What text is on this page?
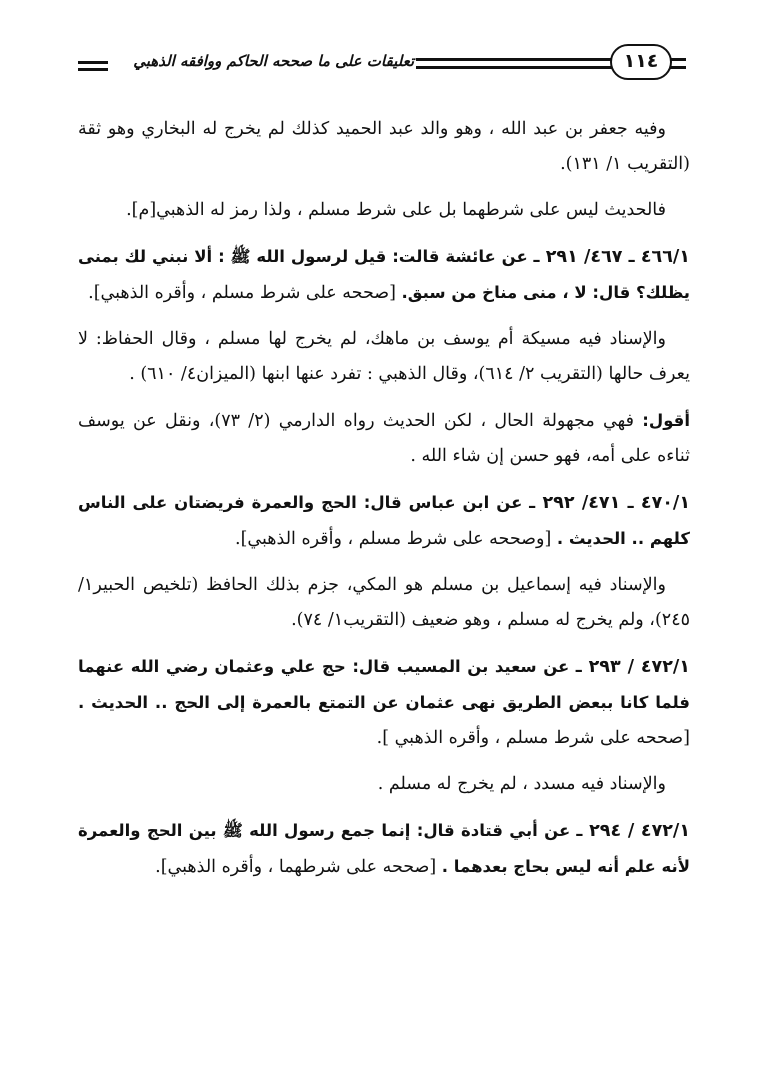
تعليقات على ما صححه الحاكم ووافقه الذهبي	١١٤

وفيه جعفر بن عبد الله ، وهو والد عبد الحميد كذلك لم يخرج له البخاري وهو ثقة (التقريب ١/ ١٣١).

فالحديث ليس على شرطهما بل على شرط مسلم ، ولذا رمز له الذهبي[م].

٤٦٦/١ ـ ٤٦٧/ ٢٩١ ـ عن عائشة قالت: قيل لرسول الله ﷺ : ألا نبني لك بمنى يظلك؟ قال: لا ، منى مناخ من سبق. [صححه على شرط مسلم ، وأقره الذهبي].

والإسناد فيه مسيكة أم يوسف بن ماهك، لم يخرج لها مسلم ، وقال الحفاظ: لا يعرف حالها (التقريب ٢/ ٦١٤)، وقال الذهبي : تفرد عنها ابنها (الميزان٤/ ٦١٠) .

أقول: فهي مجهولة الحال ، لكن الحديث رواه الدارمي (٢/ ٧٣)، ونقل عن يوسف ثناءه على أمه، فهو حسن إن شاء الله .

٤٧٠/١ ـ ٤٧١/ ٢٩٢ ـ عن ابن عباس قال: الحج والعمرة فريضتان على الناس كلهم .. الحديث . [وصححه على شرط مسلم ، وأقره الذهبي].

والإسناد فيه إسماعيل بن مسلم هو المكي، جزم بذلك الحافظ (تلخيص الحبير١/ ٢٤٥)، ولم يخرج له مسلم ، وهو ضعيف (التقريب١/ ٧٤).

٤٧٢/١ / ٢٩٣ ـ عن سعيد بن المسيب قال: حج علي وعثمان رضي الله عنهما فلما كانا ببعض الطريق نهى عثمان عن التمتع بالعمرة إلى الحج .. الحديث . [صححه على شرط مسلم ، وأقره الذهبي ].

والإسناد فيه مسدد ، لم يخرج له مسلم .

٤٧٢/١ / ٢٩٤ ـ عن أبي قتادة قال: إنما جمع رسول الله ﷺ بين الحج والعمرة لأنه علم أنه ليس بحاج بعدهما . [صححه على شرطهما ، وأقره الذهبي].
